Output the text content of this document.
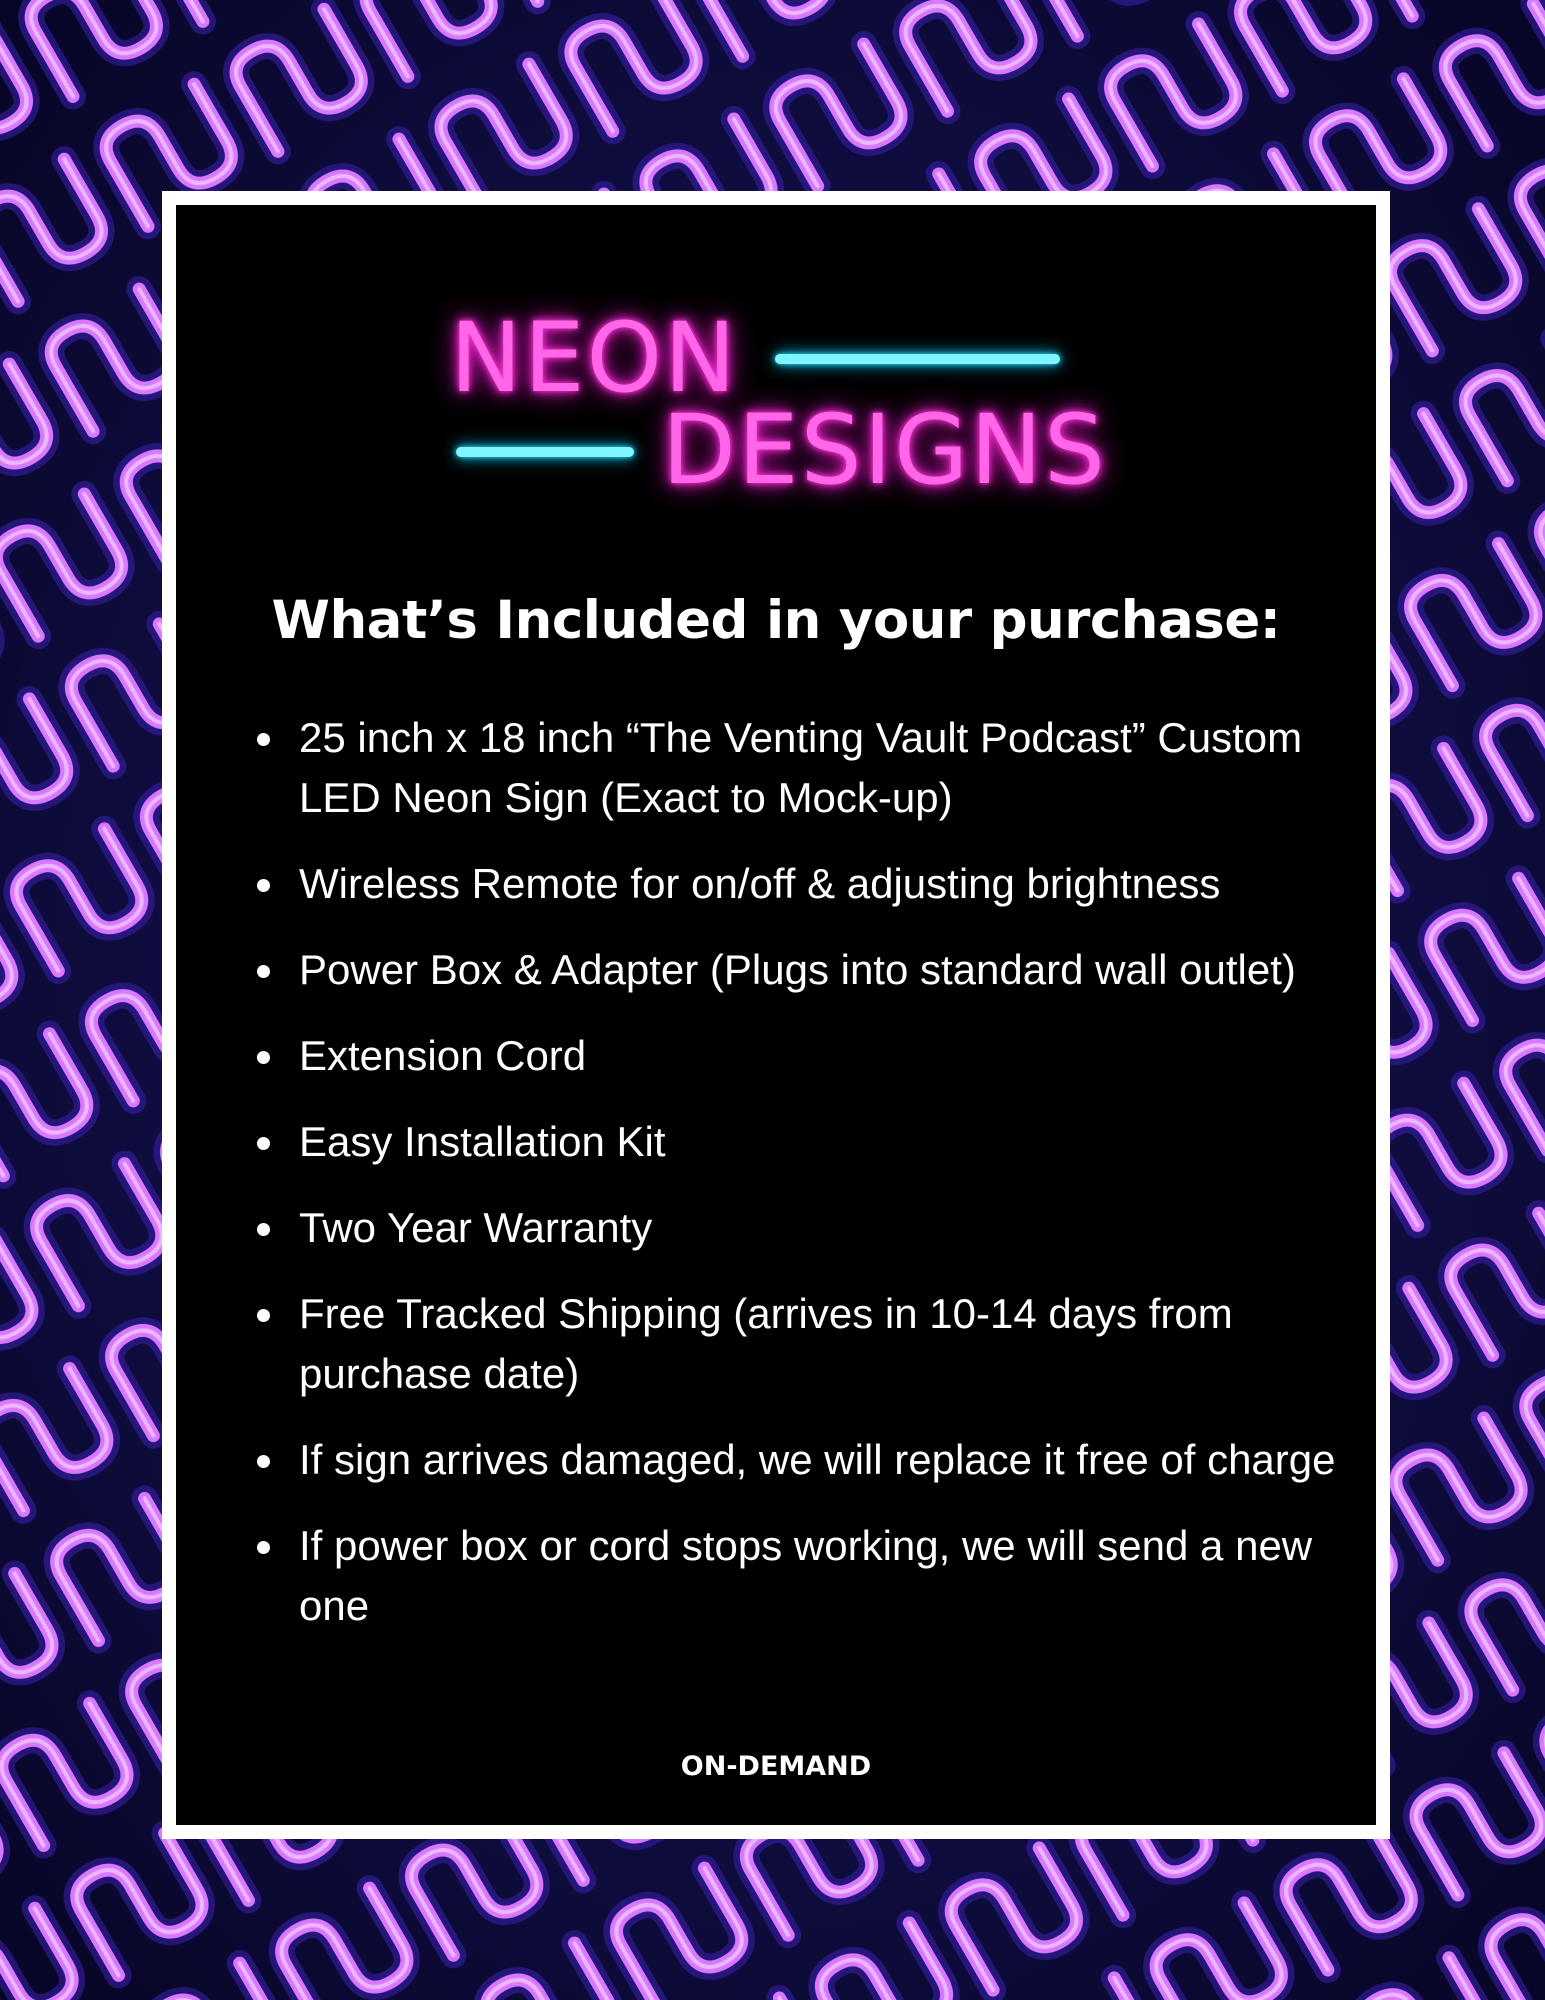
NEON
DESIGNS
What’s Included in your purchase:
25 inch x 18 inch “The Venting Vault Podcast” Custom LED Neon Sign (Exact to Mock-up)
Wireless Remote for on/off & adjusting brightness
Power Box & Adapter (Plugs into standard wall outlet)
Extension Cord
Easy Installation Kit
Two Year Warranty
Free Tracked Shipping (arrives in 10-14 days from purchase date)
If sign arrives damaged, we will replace it free of charge
If power box or cord stops working, we will send a new one
ON-DEMAND
